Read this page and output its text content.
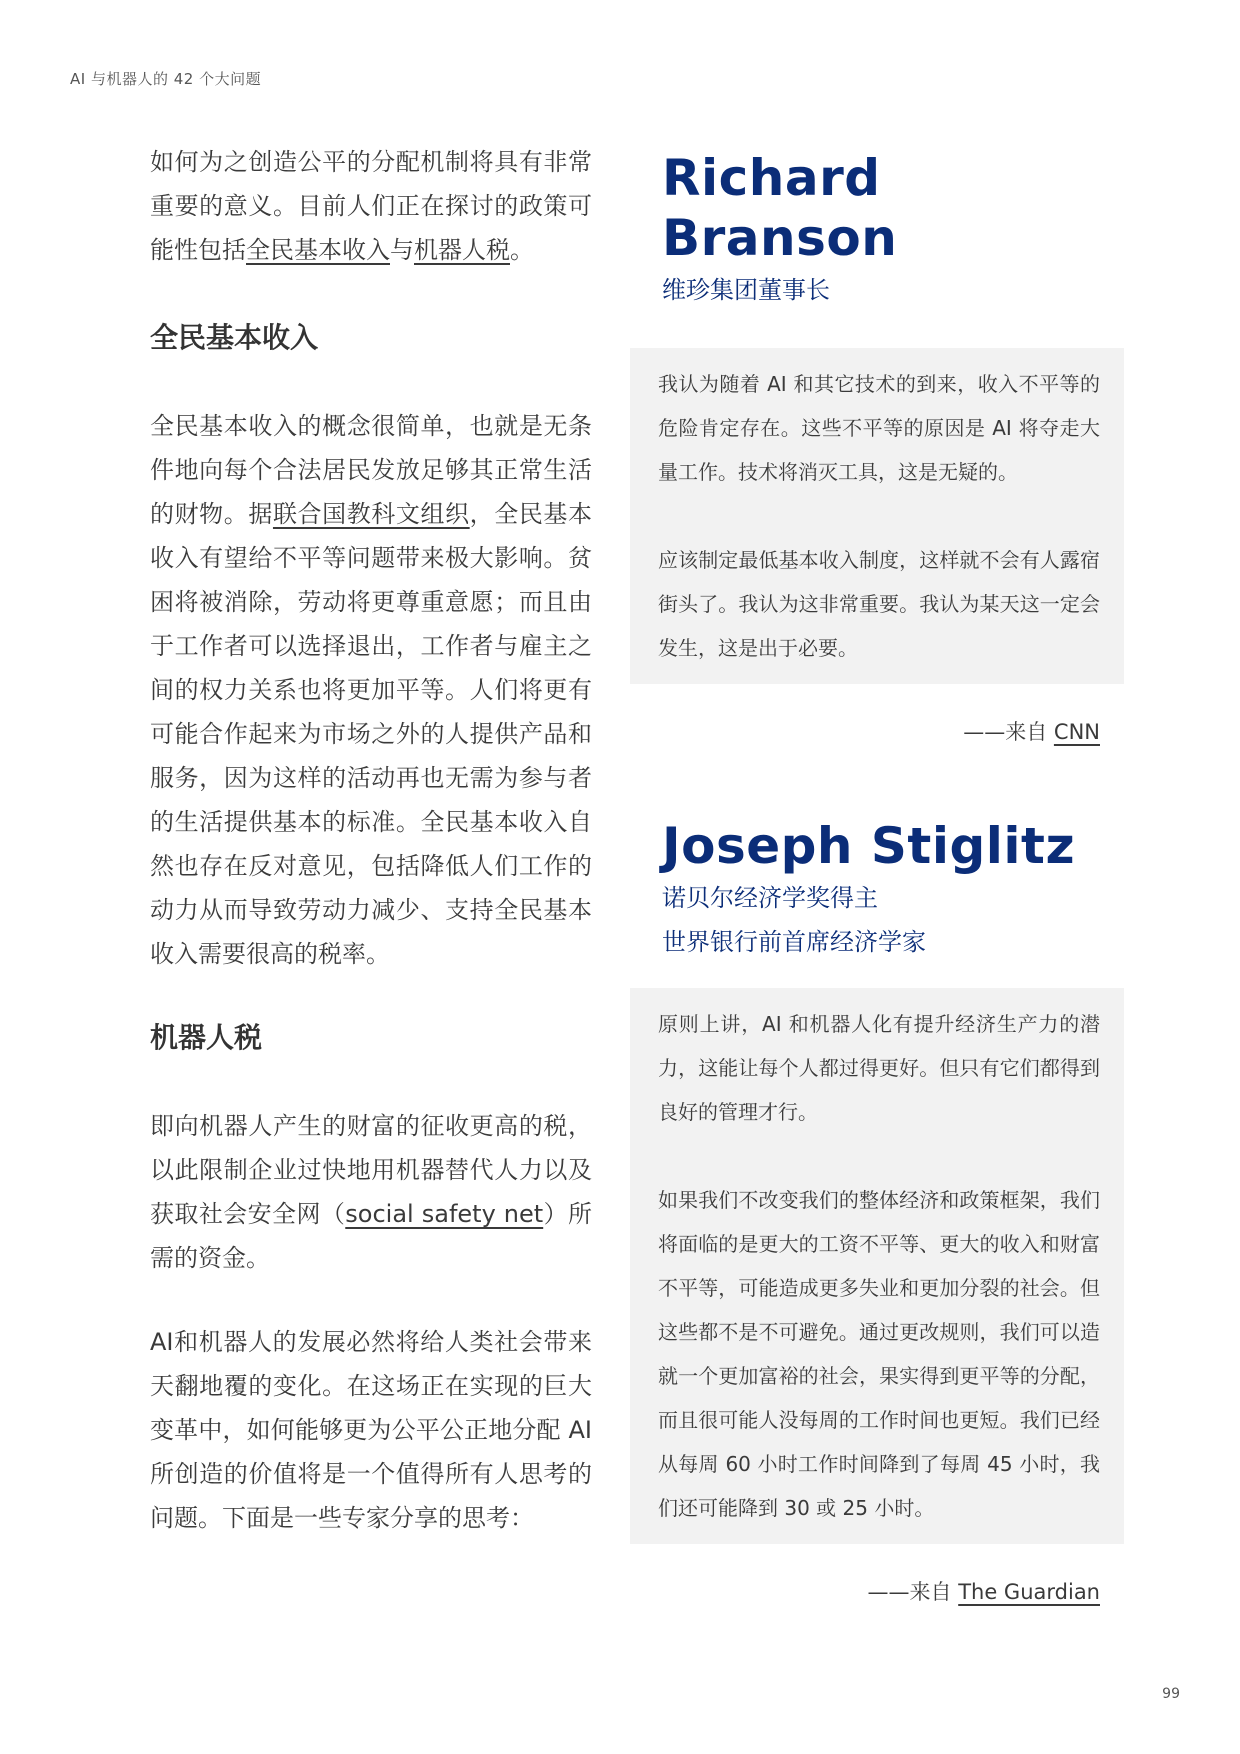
AI 与机器人的 42 个大问题

如何为之创造公平的分配机制将具有非常重要的意义。目前人们正在探讨的政策可能性包括全民基本收入与机器人税。

全民基本收入

全民基本收入的概念很简单，也就是无条件地向每个合法居民发放足够其正常生活的财物。据联合国教科文组织，全民基本收入有望给不平等问题带来极大影响。贫困将被消除，劳动将更尊重意愿；而且由于工作者可以选择退出，工作者与雇主之间的权力关系也将更加平等。人们将更有可能合作起来为市场之外的人提供产品和服务，因为这样的活动再也无需为参与者的生活提供基本的标准。全民基本收入自然也存在反对意见，包括降低人们工作的动力从而导致劳动力减少、支持全民基本收入需要很高的税率。

机器人税

即向机器人产生的财富的征收更高的税，以此限制企业过快地用机器替代人力以及获取社会安全网（social safety net）所需的资金。

AI和机器人的发展必然将给人类社会带来天翻地覆的变化。在这场正在实现的巨大变革中，如何能够更为公平公正地分配 AI 所创造的价值将是一个值得所有人思考的问题。下面是一些专家分享的思考：

Richard Branson
维珍集团董事长

我认为随着 AI 和其它技术的到来，收入不平等的危险肯定存在。这些不平等的原因是 AI 将夺走大量工作。技术将消灭工具，这是无疑的。

应该制定最低基本收入制度，这样就不会有人露宿街头了。我认为这非常重要。我认为某天这一定会发生，这是出于必要。

——来自 CNN
Joseph Stiglitz
诺贝尔经济学奖得主
世界银行前首席经济学家

原则上讲，AI 和机器人化有提升经济生产力的潜力，这能让每个人都过得更好。但只有它们都得到良好的管理才行。

如果我们不改变我们的整体经济和政策框架，我们将面临的是更大的工资不平等、更大的收入和财富不平等，可能造成更多失业和更加分裂的社会。但这些都不是不可避免。通过更改规则，我们可以造就一个更加富裕的社会，果实得到更平等的分配，而且很可能人没每周的工作时间也更短。我们已经从每周 60 小时工作时间降到了每周 45 小时，我们还可能降到 30 或 25 小时。

——来自 The Guardian
99
